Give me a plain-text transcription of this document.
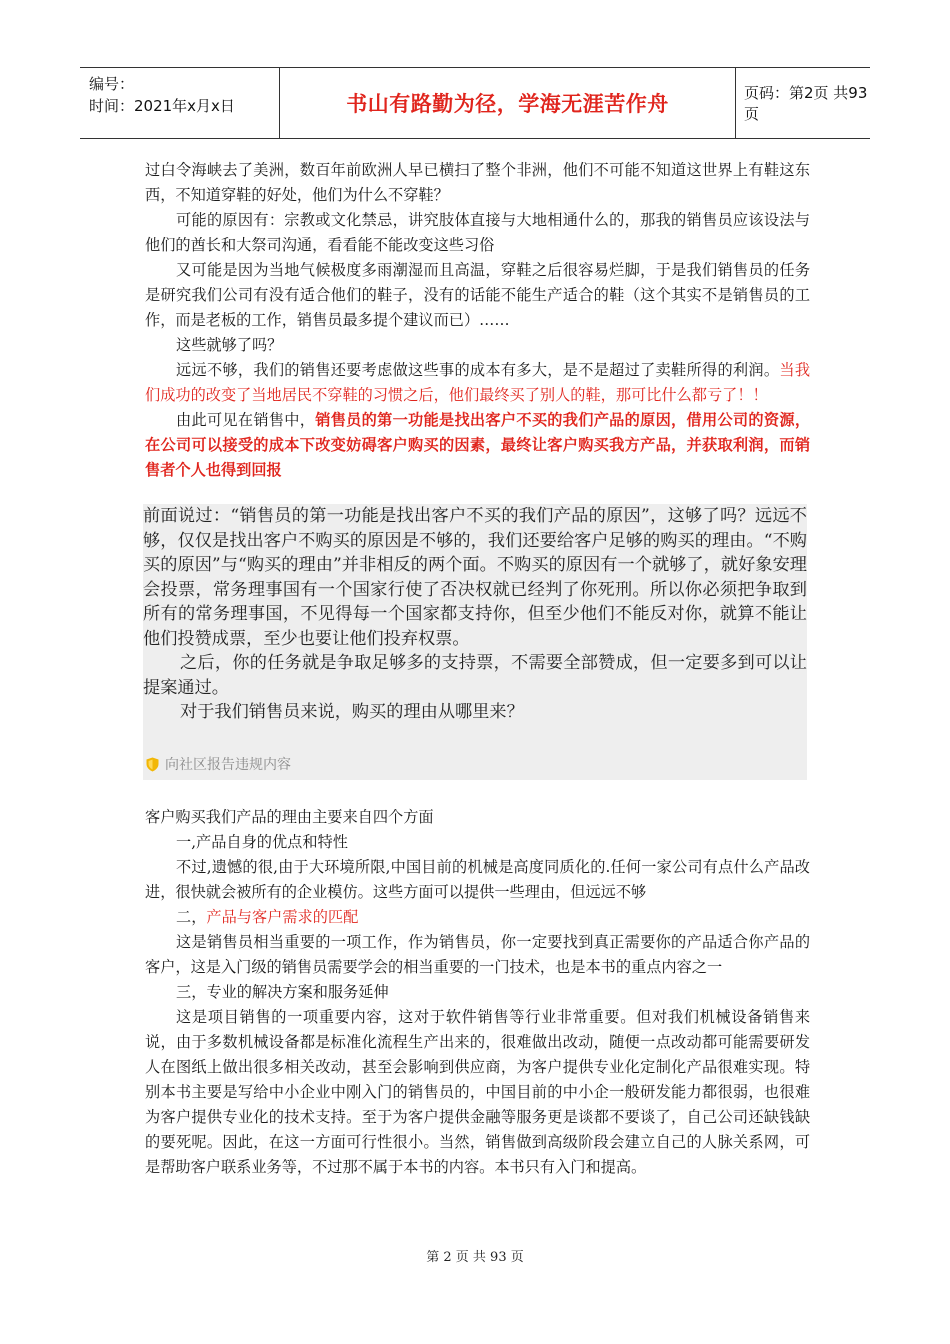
编号：
时间：2021年x月x日	书山有路勤为径，学海无涯苦作舟	页码：第2页 共93页

过白令海峡去了美洲，数百年前欧洲人早已横扫了整个非洲，他们不可能不知道这世界上有鞋这东西，不知道穿鞋的好处，他们为什么不穿鞋？

可能的原因有：宗教或文化禁忌，讲究肢体直接与大地相通什么的，那我的销售员应该设法与他们的酋长和大祭司沟通，看看能不能改变这些习俗

又可能是因为当地气候极度多雨潮湿而且高温，穿鞋之后很容易烂脚，于是我们销售员的任务是研究我们公司有没有适合他们的鞋子，没有的话能不能生产适合的鞋（这个其实不是销售员的工作，而是老板的工作，销售员最多提个建议而已）……

这些就够了吗？

远远不够，我们的销售还要考虑做这些事的成本有多大，是不是超过了卖鞋所得的利润。当我们成功的改变了当地居民不穿鞋的习惯之后，他们最终买了别人的鞋，那可比什么都亏了！！

由此可见在销售中，销售员的第一功能是找出客户不买的我们产品的原因，借用公司的资源，在公司可以接受的成本下改变妨碍客户购买的因素，最终让客户购买我方产品，并获取利润，而销售者个人也得到回报

前面说过：“销售员的第一功能是找出客户不买的我们产品的原因”，这够了吗？远远不够，仅仅是找出客户不购买的原因是不够的，我们还要给客户足够的购买的理由。“不购买的原因”与“购买的理由”并非相反的两个面。不购买的原因有一个就够了，就好象安理会投票，常务理事国有一个国家行使了否决权就已经判了你死刑。所以你必须把争取到所有的常务理事国，不见得每一个国家都支持你，但至少他们不能反对你，就算不能让他们投赞成票，至少也要让他们投弃权票。

之后，你的任务就是争取足够多的支持票，不需要全部赞成，但一定要多到可以让提案通过。

对于我们销售员来说，购买的理由从哪里来？

向社区报告违规内容

客户购买我们产品的理由主要来自四个方面

一,产品自身的优点和特性

不过,遗憾的很,由于大环境所限,中国目前的机械是高度同质化的.任何一家公司有点什么产品改进，很快就会被所有的企业模仿。这些方面可以提供一些理由，但远远不够

二，产品与客户需求的匹配

这是销售员相当重要的一项工作，作为销售员，你一定要找到真正需要你的产品适合你产品的客户，这是入门级的销售员需要学会的相当重要的一门技术，也是本书的重点内容之一

三，专业的解决方案和服务延伸

这是项目销售的一项重要内容，这对于软件销售等行业非常重要。但对我们机械设备销售来说，由于多数机械设备都是标准化流程生产出来的，很难做出改动，随便一点改动都可能需要研发人在图纸上做出很多相关改动，甚至会影响到供应商，为客户提供专业化定制化产品很难实现。特别本书主要是写给中小企业中刚入门的销售员的，中国目前的中小企一般研发能力都很弱，也很难为客户提供专业化的技术支持。至于为客户提供金融等服务更是谈都不要谈了，自己公司还缺钱缺的要死呢。因此，在这一方面可行性很小。当然，销售做到高级阶段会建立自己的人脉关系网，可是帮助客户联系业务等，不过那不属于本书的内容。本书只有入门和提高。

第 2 页 共 93 页
